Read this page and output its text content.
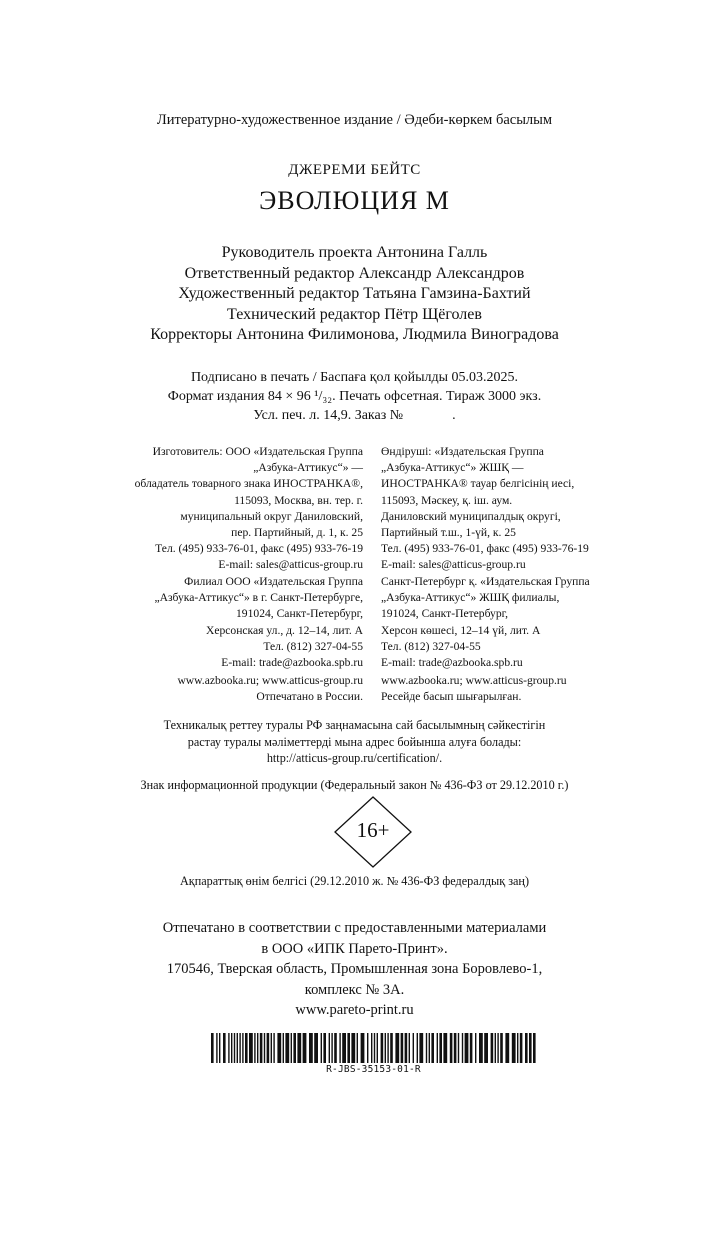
Литературно-художественное издание / Әдеби-көркем басылым
ДЖЕРЕМИ БЕЙТС
ЭВОЛЮЦИЯ М
Руководитель проекта Антонина Галль
Ответственный редактор Александр Александров
Художественный редактор Татьяна Гамзина-Бахтий
Технический редактор Пётр Щёголев
Корректоры Антонина Филимонова, Людмила Виноградова
Подписано в печать / Баспаға қол қойылды 05.03.2025.
Формат издания 84 × 96 ¹/₃₂. Печать офсетная. Тираж 3000 экз.
Усл. печ. л. 14,9. Заказ №              .
Изготовитель: ООО «Издательская Группа
„Азбука-Аттикус“» —
обладатель товарного знака ИНОСТРАНКА®,
115093, Москва, вн. тер. г.
муниципальный округ Даниловский,
пер. Партийный, д. 1, к. 25
Тел. (495) 933-76-01, факс (495) 933-76-19
E-mail: sales@atticus-group.ru
Өндіруші: «Издательская Группа
„Азбука-Аттикус“» ЖШҚ —
ИНОСТРАНКА® тауар белгісінің иесі,
115093, Мәскеу, қ. іш. аум.
Даниловский муниципалдық округі,
Партийный т.ш., 1-үй, к. 25
Тел. (495) 933-76-01, факс (495) 933-76-19
E-mail: sales@atticus-group.ru
Филиал ООО «Издательская Группа
„Азбука-Аттикус“» в г. Санкт-Петербурге,
191024, Санкт-Петербург,
Херсонская ул., д. 12–14, лит. А
Тел. (812) 327-04-55
E-mail: trade@azbooka.spb.ru
Санкт-Петербург қ. «Издательская Группа
„Азбука-Аттикус“» ЖШҚ филиалы,
191024, Санкт-Петербург,
Херсон көшесі, 12–14 үй, лит. А
Тел. (812) 327-04-55
E-mail: trade@azbooka.spb.ru
www.azbooka.ru; www.atticus-group.ru
Отпечатано в России.
www.azbooka.ru; www.atticus-group.ru
Ресейде басып шығарылған.
Техникалық реттеу туралы РФ заңнамасына сай басылымның сәйкестігін
растау туралы мәліметтерді мына адрес бойынша алуға болады:
http://atticus-group.ru/certification/.
Знак информационной продукции (Федеральный закон № 436-ФЗ от 29.12.2010 г.)
16+
Ақпараттық өнім белгісі (29.12.2010 ж. № 436-ФЗ федералдық заң)
Отпечатано в соответствии с предоставленными материалами
в ООО «ИПК Парето-Принт».
170546, Тверская область, Промышленная зона Боровлево-1,
комплекс № 3А.
www.pareto-print.ru
R-JBS-35153-01-R
